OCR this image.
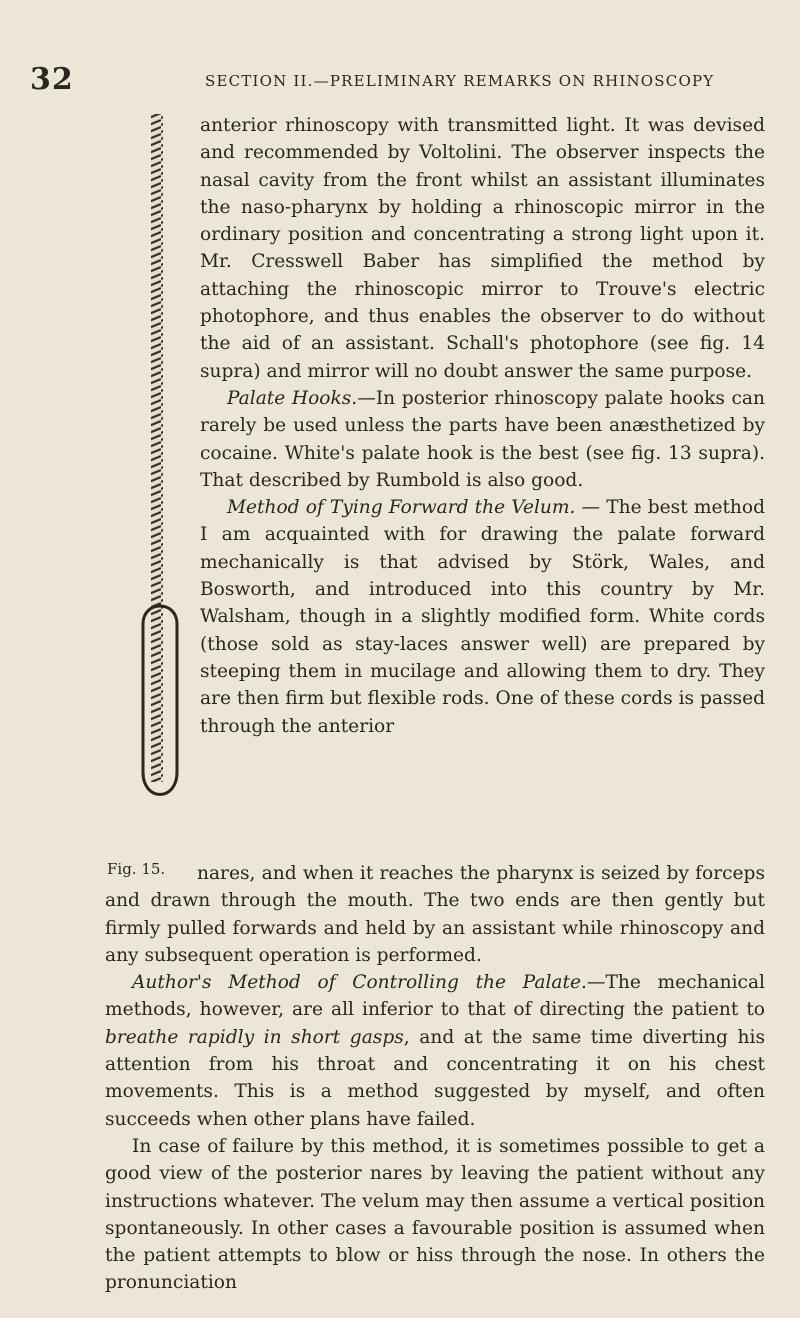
32	SECTION II.—PRELIMINARY REMARKS ON RHINOSCOPY

anterior rhinoscopy with transmitted light. It was devised and recommended by Voltolini. The observer inspects the nasal cavity from the front whilst an assistant illuminates the naso-pharynx by holding a rhinoscopic mirror in the ordinary position and concentrating a strong light upon it. Mr. Cresswell Baber has simplified the method by attaching the rhinoscopic mirror to Trouve's electric photophore, and thus enables the observer to do without the aid of an assistant. Schall's photophore (see fig. 14 supra) and mirror will no doubt answer the same purpose.

Palate Hooks.—In posterior rhinoscopy palate hooks can rarely be used unless the parts have been anæsthetized by cocaine. White's palate hook is the best (see fig. 13 supra). That described by Rumbold is also good.

Method of Tying Forward the Velum. — The best method I am acquainted with for drawing the palate forward mechanically is that advised by Störk, Wales, and Bosworth, and introduced into this country by Mr. Walsham, though in a slightly modified form. White cords (those sold as stay-laces answer well) are prepared by steeping them in mucilage and allowing them to dry. They are then firm but flexible rods. One of these cords is passed through the anterior

Fig. 15.	nares, and when it reaches the pharynx is seized by forceps and drawn through the mouth. The two ends are then gently but firmly pulled forwards and held by an assistant while rhinoscopy and any subsequent operation is performed.

Author's Method of Controlling the Palate.—The mechanical methods, however, are all inferior to that of directing the patient to breathe rapidly in short gasps, and at the same time diverting his attention from his throat and concentrating it on his chest movements. This is a method suggested by myself, and often succeeds when other plans have failed.

In case of failure by this method, it is sometimes possible to get a good view of the posterior nares by leaving the patient without any instructions whatever. The velum may then assume a vertical position spontaneously. In other cases a favourable position is assumed when the patient attempts to blow or hiss through the nose. In others the pronunciation
